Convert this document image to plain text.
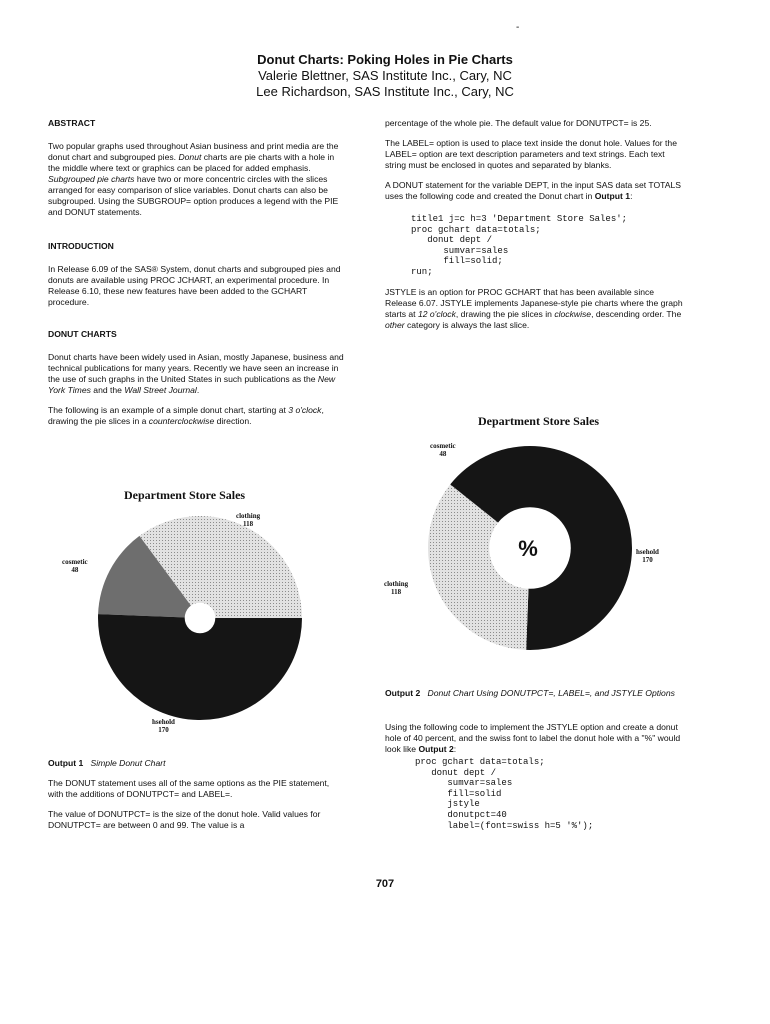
-
Donut Charts: Poking Holes in Pie Charts
Valerie Blettner, SAS Institute Inc., Cary, NC
Lee Richardson, SAS Institute Inc., Cary, NC
ABSTRACT

Two popular graphs used throughout Asian business and print media are the donut chart and subgrouped pies. Donut charts are pie charts with a hole in the middle where text or graphics can be placed for added emphasis. Subgrouped pie charts have two or more concentric circles with the slices arranged for easy comparison of slice variables. Donut charts can also be subgrouped. Using the SUBGROUP= option produces a legend with the PIE and DONUT statements.

INTRODUCTION

In Release 6.09 of the SAS® System, donut charts and subgrouped pies and donuts are available using PROC JCHART, an experimental procedure. In Release 6.10, these new features have been added to the GCHART procedure.

DONUT CHARTS

Donut charts have been widely used in Asian, mostly Japanese, business and technical publications for many years. Recently we have seen an increase in the use of such graphs in the United States in such publications as the New York Times and the Wall Street Journal.

The following is an example of a simple donut chart, starting at 3 o'clock, drawing the pie slices in a counterclockwise direction.

Department Store Sales
clothing
118
cosmetic
48
hsehold
170
Output 1 Simple Donut Chart

The DONUT statement uses all of the same options as the PIE statement, with the additions of DONUTPCT= and LABEL=.

The value of DONUTPCT= is the size of the donut hole. Valid values for DONUTPCT= are between 0 and 99. The value is a

percentage of the whole pie. The default value for DONUTPCT= is 25.

The LABEL= option is used to place text inside the donut hole. Values for the LABEL= option are text description parameters and text strings. Each text string must be enclosed in quotes and separated by blanks.

A DONUT statement for the variable DEPT, in the input SAS data set TOTALS uses the following code and created the Donut chart in Output 1:

title1 j=c h=3 'Department Store Sales';
proc gchart data=totals;
donut dept /
sumvar=sales
fill=solid;
run;

JSTYLE is an option for PROC GCHART that has been available since Release 6.07. JSTYLE implements Japanese-style pie charts where the graph starts at 12 o'clock, drawing the pie slices in clockwise, descending order. The other category is always the last slice.

Department Store Sales
%	hsehold
170
clothing
118
cosmetic
48
Output 2 Donut Chart Using DONUTPCT=, LABEL=, and JSTYLE Options

Using the following code to implement the JSTYLE option and create a donut hole of 40 percent, and the swiss font to label the donut hole with a "%" would look like Output 2:

proc gchart data=totals;
donut dept /
sumvar=sales
fill=solid
jstyle
donutpct=40
label=(font=swiss h=5 '%');
707
